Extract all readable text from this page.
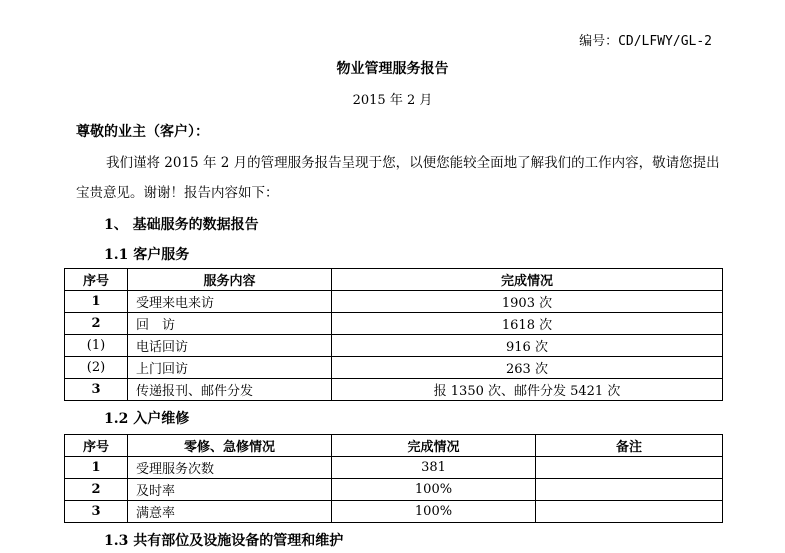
编号：CD/LFWY/GL-2
物业管理服务报告
2015 年 2 月
尊敬的业主（客户）：
我们谨将 2015 年 2 月的管理服务报告呈现于您，以便您能较全面地了解我们的工作内容，敬请您提出宝贵意见。谢谢！报告内容如下：
1、 基础服务的数据报告
1.1 客户服务
序号	服务内容	完成情况
1	受理来电来访	1903 次
2	回　访	1618 次
(1)	电话回访	916 次
(2)	上门回访	263 次
3	传递报刊、邮件分发	报 1350 次、邮件分发 5421 次
1.2 入户维修
序号	零修、急修情况	完成情况	备注
1	受理服务次数	381	
2	及时率	100%	
3	满意率	100%	
1.3 共有部位及设施设备的管理和维护
